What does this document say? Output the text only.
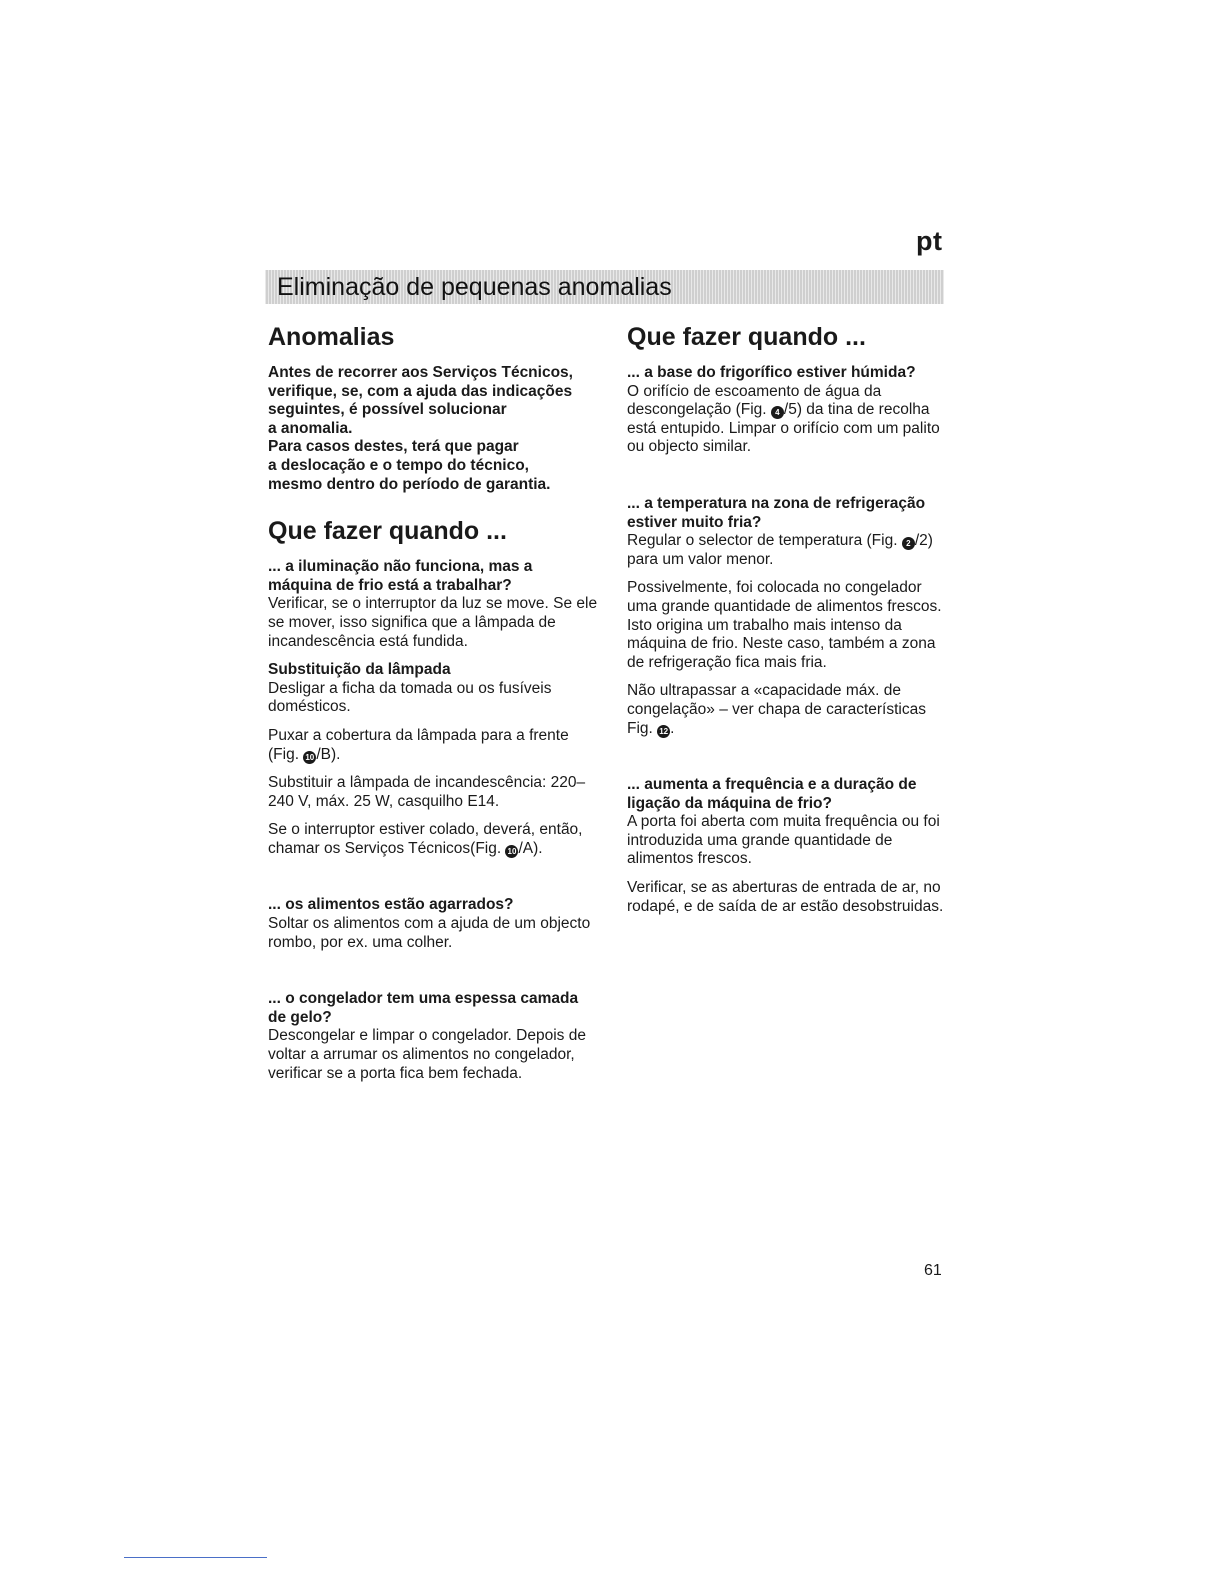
pt
Eliminação de pequenas anomalias
Anomalias

Antes de recorrer aos Serviços Técnicos,

verifique, se, com a ajuda das indicações

seguintes, é possível solucionar

a anomalia.

Para casos destes, terá que pagar

a deslocação e o tempo do técnico,

mesmo dentro do período de garantia.

Que fazer quando ...

... a iluminação não funciona, mas a máquina de frio está a trabalhar?

Verificar, se o interruptor da luz se move. Se ele se mover, isso significa que a lâmpada de incandescência está fundida.

Substituição da lâmpada

Desligar a ficha da tomada ou os fusíveis domésticos.

Puxar a cobertura da lâmpada para a frente (Fig. 10 /B).

Substituir a lâmpada de incandescência: 220–240 V, máx. 25 W, casquilho E14.

Se o interruptor estiver colado, deverá, então, chamar os Serviços Técnicos(Fig. 10 /A).

... os alimentos estão agarrados?

Soltar os alimentos com a ajuda de um objecto rombo, por ex. uma colher.

... o congelador tem uma espessa camada de gelo?

Descongelar e limpar o congelador. Depois de voltar a arrumar os alimentos no congelador, verificar se a porta fica bem fechada.

Que fazer quando ...

... a base do frigorífico estiver húmida?

O orifício de escoamento de água da descongelação (Fig. 4 /5) da tina de recolha está entupido. Limpar o orifício com um palito ou objecto similar.

... a temperatura na zona de refrigeração estiver muito fria?

Regular o selector de temperatura (Fig. 2 /2) para um valor menor.

Possivelmente, foi colocada no congelador uma grande quantidade de alimentos frescos. Isto origina um trabalho mais intenso da máquina de frio. Neste caso, também a zona de refrigeração fica mais fria.

Não ultrapassar a «capacidade máx. de congelação» – ver chapa de características Fig. 12 .

... aumenta a frequência e a duração de ligação da máquina de frio?

A porta foi aberta com muita frequência ou foi introduzida uma grande quantidade de alimentos frescos.

Verificar, se as aberturas de entrada de ar, no rodapé, e de saída de ar estão desobstruidas.

61
